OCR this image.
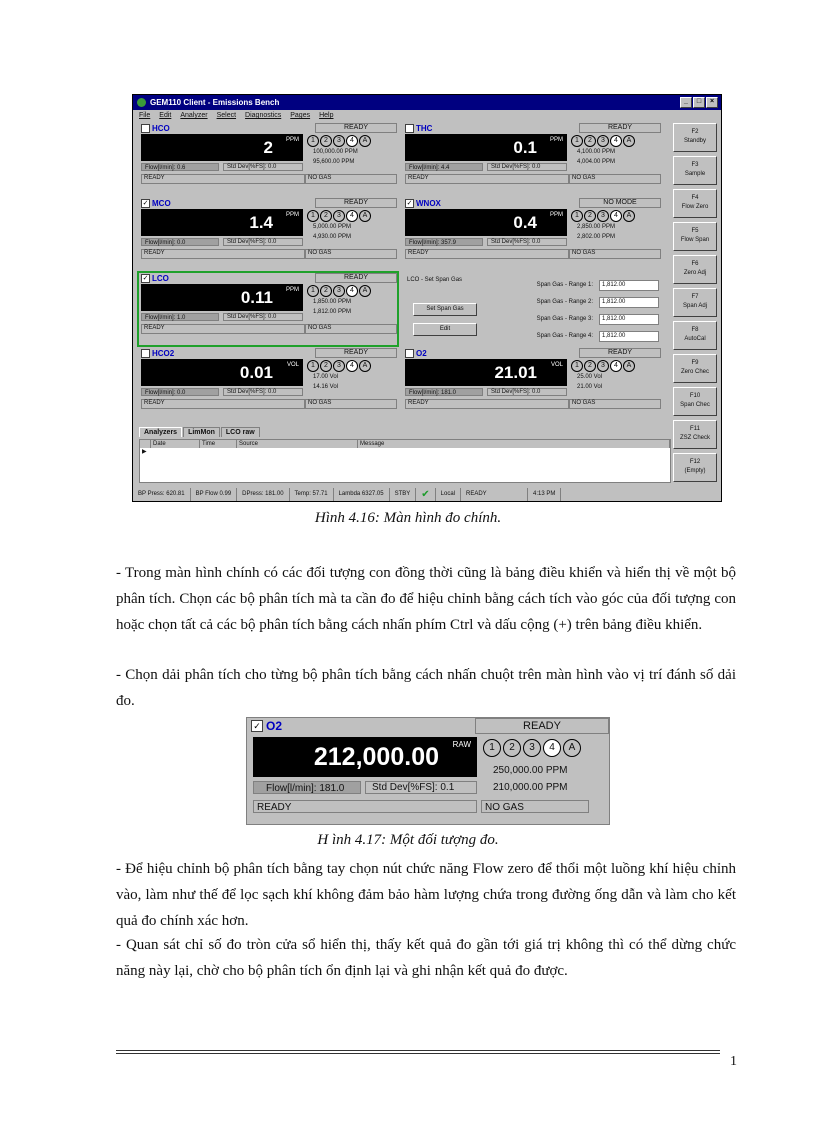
GEM110 Client - Emissions Bench	_	□	×
File Edit Analyzer Select Diagnostics Pages Help
HCO	READY
2 PPM
Flow[l/min]: 0.6	Std Dev[%FS]: 0.0
1	2	3	4	A
100,000.00 PPM
95,600.00 PPM
READY	NO GAS
THC	READY
0.1 PPM
Flow[l/min]: 4.4	Std Dev[%FS]: 0.0
1	2	3	4	A
4,100.00 PPM
4,004.00 PPM
READY	NO GAS
✓ MCO	READY
1.4 PPM
Flow[l/min]: 0.0	Std Dev[%FS]: 0.0
1	2	3	4	A
5,000.00 PPM
4,930.00 PPM
READY	NO GAS
✓ WNOX	NO MODE
0.4 PPM
Flow[l/min]: 357.9	Std Dev[%FS]: 0.0
1	2	3	4	A
2,850.00 PPM
2,802.00 PPM
READY	NO GAS
✓ LCO	READY
0.11 PPM
Flow[l/min]: 1.0	Std Dev[%FS]: 0.0
1	2	3	4	A
1,850.00 PPM
1,812.00 PPM
READY	NO GAS
HCO2	READY
0.01 VOL
Flow[l/min]: 0.0	Std Dev[%FS]: 0.0
1	2	3	4	A
17.00 Vol
14.16 Vol
READY	NO GAS
O2	READY
21.01 VOL
Flow[l/min]: 181.0	Std Dev[%FS]: 0.0
1	2	3	4	A
25.00 Vol
21.00 Vol
READY	NO GAS
LCO - Set Span Gas
Set Span Gas
Edit
Span Gas - Range 1:	1,812.00
Span Gas - Range 2:	1,812.00
Span Gas - Range 3:	1,812.00
Span Gas - Range 4:	1,812.00
F2
Standby
F3
Sample
F4
Flow Zero
F5
Flow Span
F6
Zero Adj
F7
Span Adj
F8
AutoCal
F9
Zero Chec
F10
Span Chec
F11
ZSZ Check
F12
(Empty)
Analyzers	LimMon	LCO raw
Date	Time	Source	Message
▶
BP Press: 620.81	BP Flow 0.99	DPress: 181.00	Temp: 57.71	Lambda 6327.05	STBY	✔	Local	READY	4:13 PM
Hình 4.16: Màn hình đo chính.
- Trong màn hình chính có các đối tượng con đồng thời cũng là bảng điều khiển và hiển thị về một bộ phân tích. Chọn các bộ phân tích mà ta cần đo để hiệu chỉnh bằng cách tích vào góc của đối tượng con hoặc chọn tất cả các bộ phân tích bằng cách nhấn phím Ctrl và dấu cộng (+) trên bảng điều khiển.
- Chọn dải phân tích cho từng bộ phân tích bằng cách nhấn chuột trên màn hình vào vị trí đánh số dải đo.
✓ O2	READY
212,000.00 RAW	1	2	3	4	A
250,000.00 PPM
210,000.00 PPM
Flow[l/min]: 181.0	Std Dev[%FS]: 0.1
READY	NO GAS
H ình 4.17: Một đối tượng đo.
- Để hiệu chỉnh bộ phân tích bằng tay chọn nút chức năng Flow zero để thổi một luồng khí hiệu chỉnh vào, làm như thế để lọc sạch khí không đảm bảo hàm lượng chứa trong đường ống dẫn và làm cho kết quả đo chính xác hơn.
- Quan sát chỉ số đo tròn cửa sổ hiển thị, thấy kết quả đo gần tới giá trị không thì có thể dừng chức năng này lại, chờ cho bộ phân tích ổn định lại và ghi nhận kết quả đo được.
1
